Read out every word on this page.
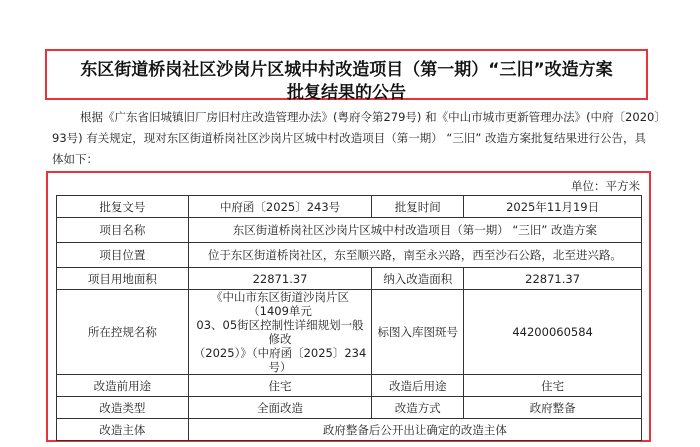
东区街道桥岗社区沙岗片区城中村改造项目（第一期）“三旧”改造方案
批复结果的公告
根据《广东省旧城镇旧厂房旧村庄改造管理办法》(粤府令第279号) 和《中山市城市更新管理办法》(中府〔2020〕
93号) 有关规定，现对东区街道桥岗社区沙岗片区城中村改造项目（第一期） “三旧” 改造方案批复结果进行公告，具
体如下：
单位：平方米
批复文号	中府函〔2025〕243号	批复时间	2025年11月19日
项目名称	东区街道桥岗社区沙岗片区城中村改造项目（第一期） “三旧” 改造方案		
项目位置	位于东区街道桥岗社区，东至顺兴路，南至永兴路，西至沙石公路，北至进兴路。		
项目用地面积	22871.37	纳入改造面积	22871.37
所在控规名称	《中山市东区街道沙岗片区（1409单元
03、05街区控制性详细规划一般修改
（2025）》（中府函〔2025〕234号）	标图入库图斑号	44200060584
改造前用途	住宅	改造后用途	住宅
改造类型	全面改造	改造方式	政府整备
改造主体	政府整备后公开出让确定的改造主体		
